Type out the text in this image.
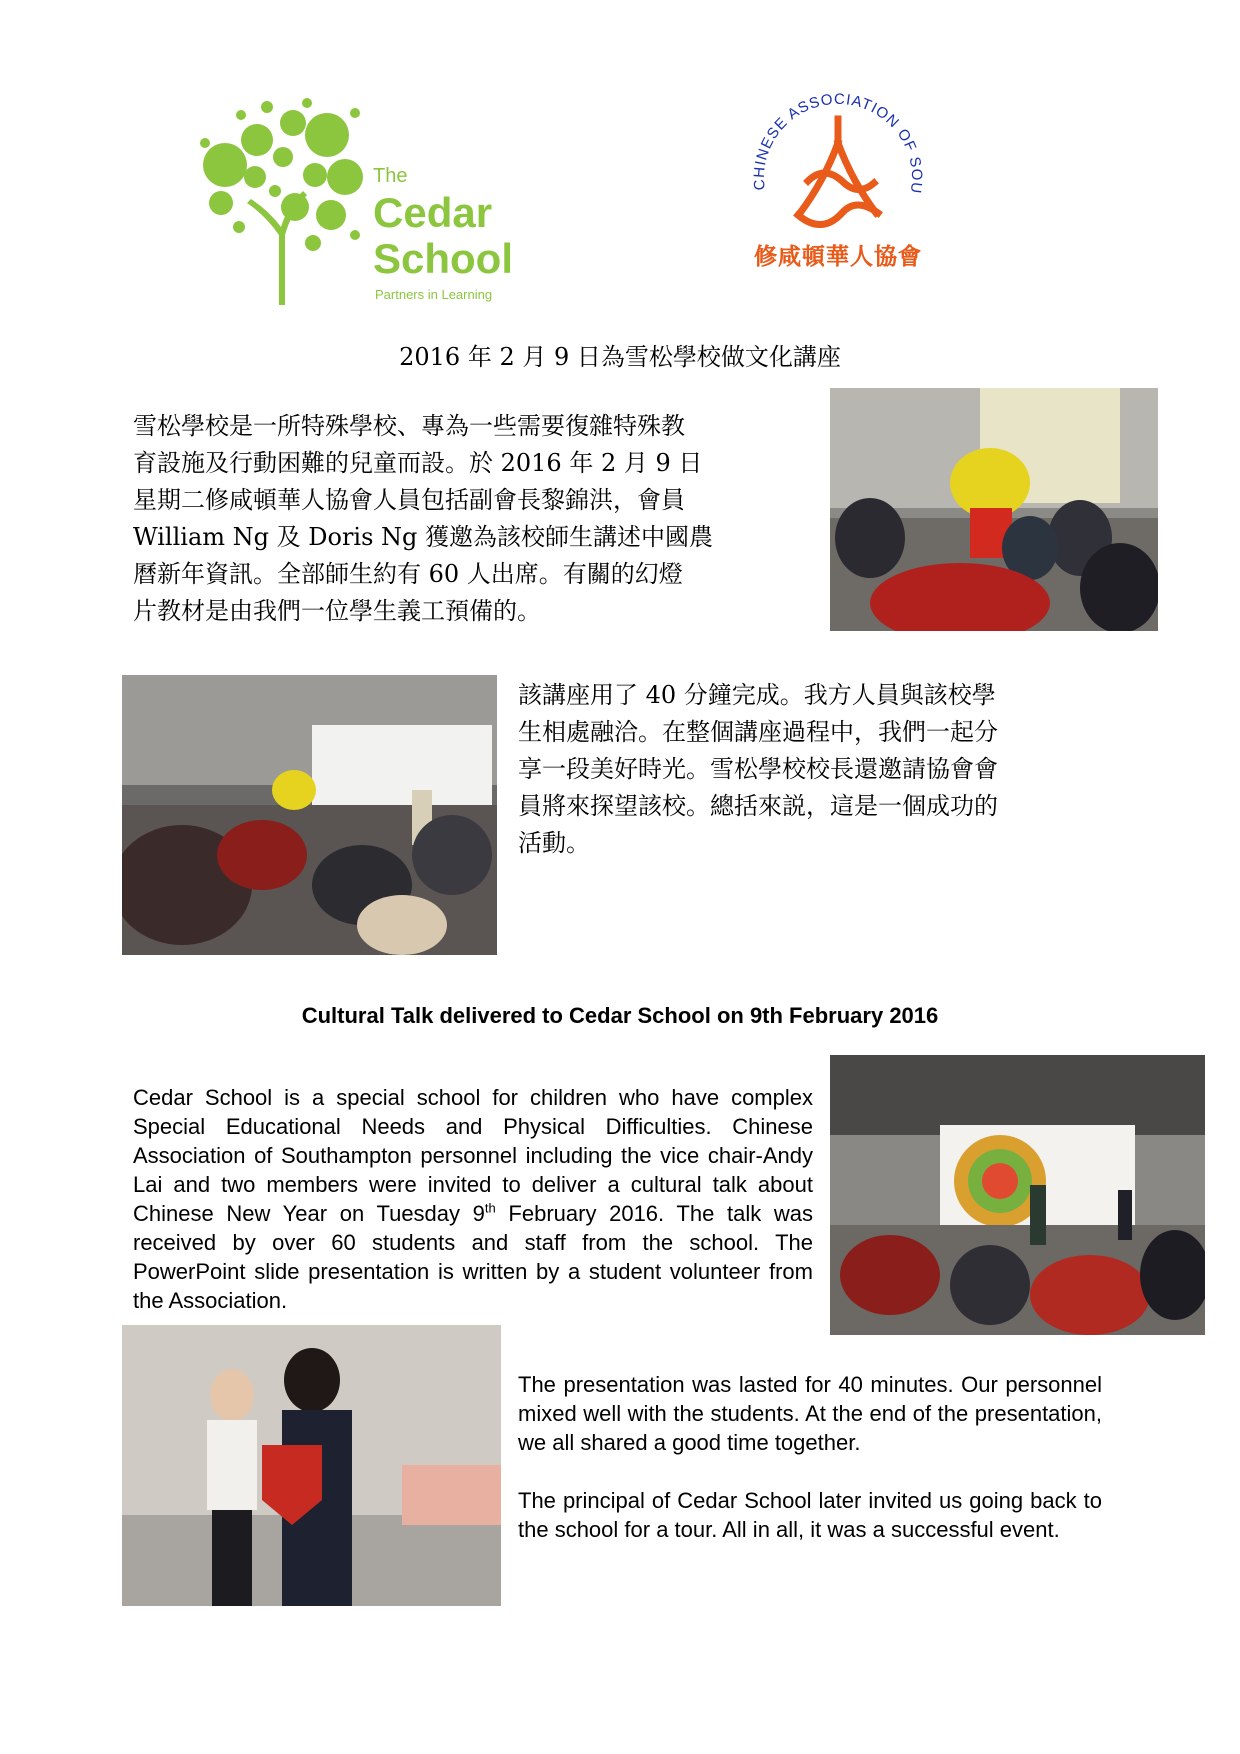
The
Cedar
School
Partners in Learning
CHINESE ASSOCIATION OF SOU
修咸頓華人協會
2016 年 2 月 9 日為雪松學校做文化講座
雪松學校是一所特殊學校、專為一些需要復雜特殊教
育設施及行動困難的兒童而設。於 2016 年 2 月 9 日
星期二修咸頓華人協會人員包括副會長黎錦洪，會員
William Ng 及 Doris Ng 獲邀為該校師生講述中國農
曆新年資訊。全部師生約有 60 人出席。有關的幻燈
片教材是由我們一位學生義工預備的。
該講座用了 40 分鐘完成。我方人員與該校學
生相處融洽。在整個講座過程中，我們一起分
享一段美好時光。雪松學校校長還邀請協會會
員將來探望該校。總括來説，這是一個成功的
活動。
Cultural Talk delivered to Cedar School on 9th February 2016
Cedar School is a special school for children who have complex Special Educational Needs and Physical Difficulties. Chinese Association of Southampton personnel including the vice chair-Andy Lai and two members were invited to deliver a cultural talk about Chinese New Year on Tuesday 9th February 2016. The talk was received by over 60 students and staff from the school. The PowerPoint slide presentation is written by a student volunteer from the Association.
The presentation was lasted for 40 minutes. Our personnel mixed well with the students. At the end of the presentation, we all shared a good time together.
The principal of Cedar School later invited us going back to the school for a tour. All in all, it was a successful event.
